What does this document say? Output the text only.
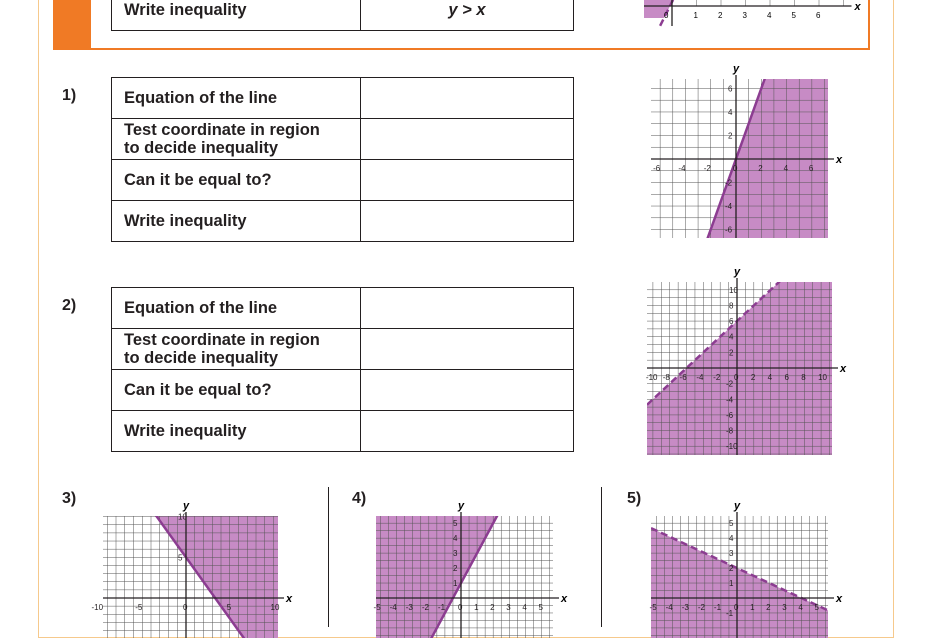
Write inequality	y > x	0	1	2	3	4	5	6
x
1)	Equation of the line	
Test coordinate in region
to decide inequality	
Can it be equal to?	
Write inequality	
2)	Equation of the line	
Test coordinate in region
to decide inequality	
Can it be equal to?	
Write inequality	
x
y
-6 -4 -2	0	2	4	6
-6
-4
-2
2
4
6
x
y
-10 -8 -6 -4 -2 0 2 4 6 8 10
-10
-8
-6
-4
-2
2
4
6
8
10
3)	4)	5)
x
y
-10	-5	0	5	10
5
10
x
y
-5 -4 -3 -2 -1 0 1 2 3 4 5
1
2
3
4
5
x
y
-5 -4 -3 -2 -1 0 1 2 3 4 5
-1
1
2
3
4
5
